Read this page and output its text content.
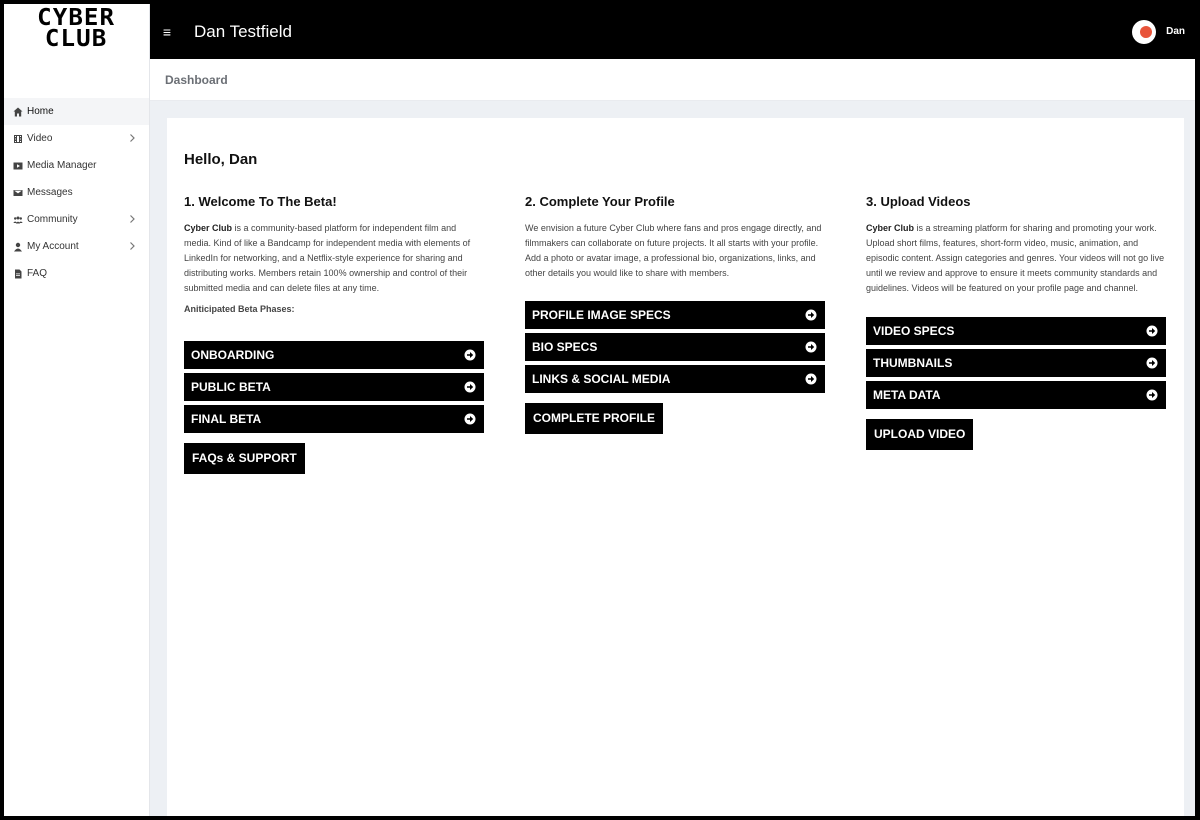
CYBER
CLUB
Home
Video
Media Manager
Messages
Community
My Account
FAQ
≡ Dan Testfield	Dan
Dashboard
Hello, Dan
1. Welcome To The Beta!

Cyber Club is a community-based platform for independent film and media. Kind of like a Bandcamp for independent media with elements of LinkedIn for networking, and a Netflix-style experience for sharing and distributing works. Members retain 100% ownership and control of their submitted media and can delete files at any time.

Aniticipated Beta Phases:
ONBOARDING
PUBLIC BETA
FINAL BETA
FAQs & SUPPORT
2. Complete Your Profile

We envision a future Cyber Club where fans and pros engage directly, and filmmakers can collaborate on future projects. It all starts with your profile. Add a photo or avatar image, a professional bio, organizations, links, and other details you would like to share with members.

PROFILE IMAGE SPECS
BIO SPECS
LINKS & SOCIAL MEDIA
COMPLETE PROFILE
3. Upload Videos

Cyber Club is a streaming platform for sharing and promoting your work. Upload short films, features, short-form video, music, animation, and episodic content. Assign categories and genres. Your videos will not go live until we review and approve to ensure it meets community standards and guidelines. Videos will be featured on your profile page and channel.

VIDEO SPECS
THUMBNAILS
META DATA
UPLOAD VIDEO
